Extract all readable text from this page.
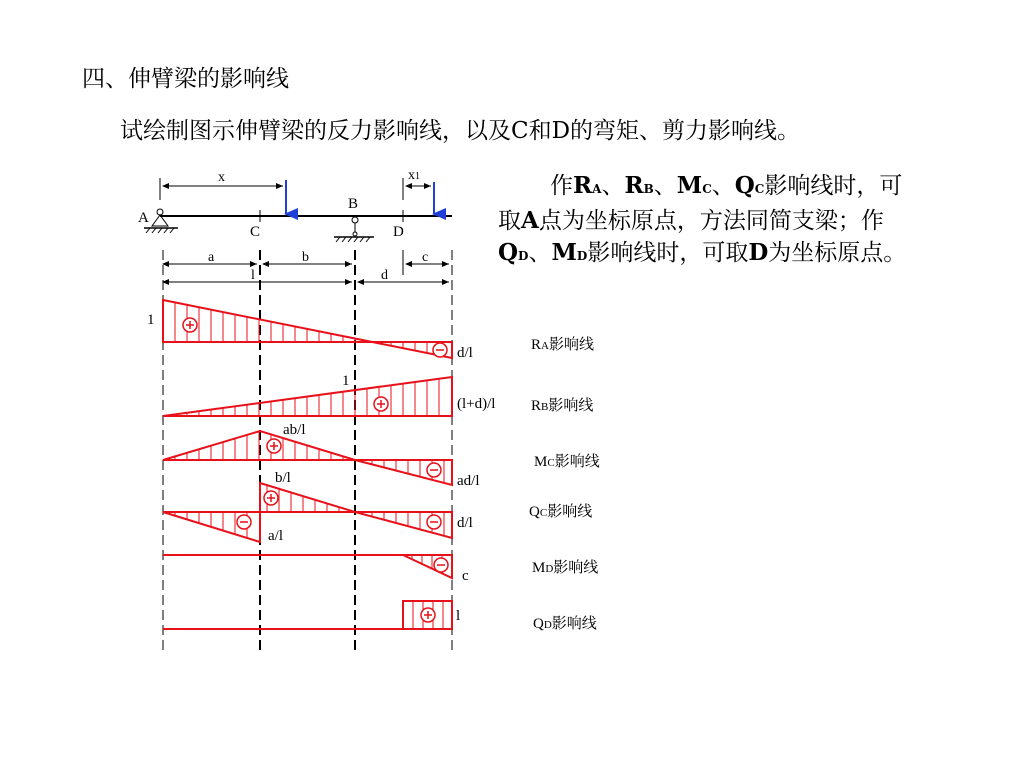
四、伸臂梁的影响线
试绘制图示伸臂梁的反力影响线，以及C和D的弯矩、剪力影响线。
作RA、RB、MC、QC影响线时，可
取A点为坐标原点，方法同简支梁；作
QD、MD影响线时，可取D为坐标原点。
A
B
C	D
x	x1
a	b	c
l	d
1
d/l	RA影响线
1
(l+d)/l RB影响线
ab/l
ad/l
MC影响线
b/l
a/l
d/l
QC影响线
c	MD影响线
l	QD影响线
